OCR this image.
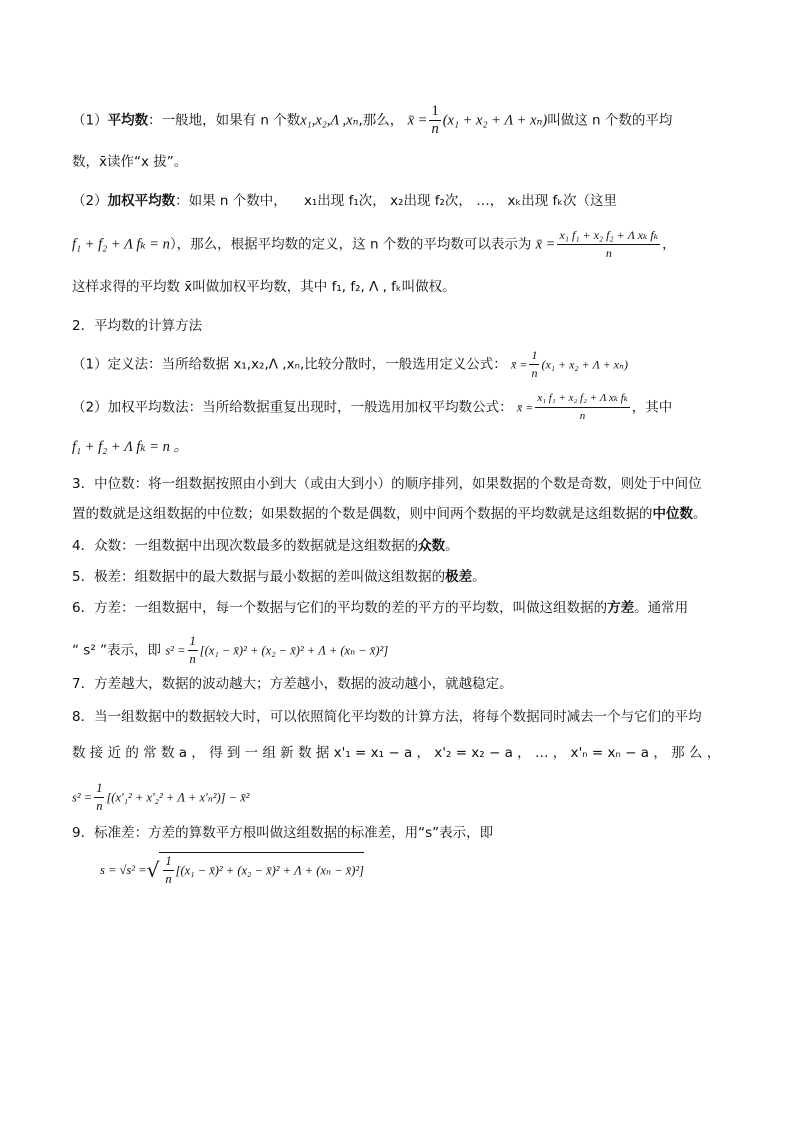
（1）平均数：一般地，如果有 n 个数x₁,x₂,Λ ,xₙ,那么， x̄ = $\frac{1}{n} (x_1 + x_2 + \Lambda + x_n)$叫做这 n 个数的平均
数，x̄读作“x 拔”。
（2）加权平均数：如果 n 个数中， x₁出现 f₁次， x₂出现 f₂次， …， xₖ出现 fₖ次（这里
f₁ + f₂ + Λ fₖ = n），那么，根据平均数的定义，这 n 个数的平均数可以表示为 x̄ = $\frac{\text{x₁ f₁ + x₂ f₂ + Λ xₖ fₖ}}{n}$ ，
这样求得的平均数 x̄叫做加权平均数，其中 f₁, f₂, Λ , fₖ叫做权。
2．平均数的计算方法
（1）定义法：当所给数据 x₁,x₂,Λ ,xₙ,比较分散时，一般选用定义公式： x̄ = $\frac{1}{n} (x_1 + x_2 + \Lambda + x_n)$
（2）加权平均数法：当所给数据重复出现时，一般选用加权平均数公式： x̄ = $\frac{\text{x₁ f₁ + x₂ f₂ + Λ xₖ fₖ}}{n}$ ，其中
f₁ + f₂ + Λ fₖ = n 。
3．中位数：将一组数据按照由小到大（或由大到小）的顺序排列，如果数据的个数是奇数，则处于中间位
置的数就是这组数据的中位数；如果数据的个数是偶数，则中间两个数据的平均数就是这组数据的中位数。
4．众数：一组数据中出现次数最多的数据就是这组数据的众数。
5．极差：组数据中的最大数据与最小数据的差叫做这组数据的极差。
6．方差：一组数据中，每一个数据与它们的平均数的差的平方的平均数，叫做这组数据的方差。通常用
“ s² ”表示，即 $s^2 = \frac{1}{n} [(x_1$ − x̄)² + (x₂ − x̄)² + Λ + (xₙ − x̄)²]
7．方差越大，数据的波动越大；方差越小，数据的波动越小，就越稳定。
8．当一组数据中的数据较大时，可以依照简化平均数的计算方法，将每个数据同时减去一个与它们的平均
数 接 近 的 常 数 a ， 得 到 一 组 新 数 据 x'₁ = x₁ − a ， x'₂ = x₂ − a ， … ， x'ₙ = xₙ − a ， 那 么 ，
$s^2 = \frac{1}{n} [(x'_1^2 + x'_2^2 + \Lambda + x'_n^2)]$ − x̄²
9．标准差：方差的算数平方根叫做这组数据的标准差，用“s”表示，即
s = √s² =√ $\frac{1}{n} [(x_1$ − x̄)² + (x₂ − x̄)² + Λ + (xₙ − x̄)²]
